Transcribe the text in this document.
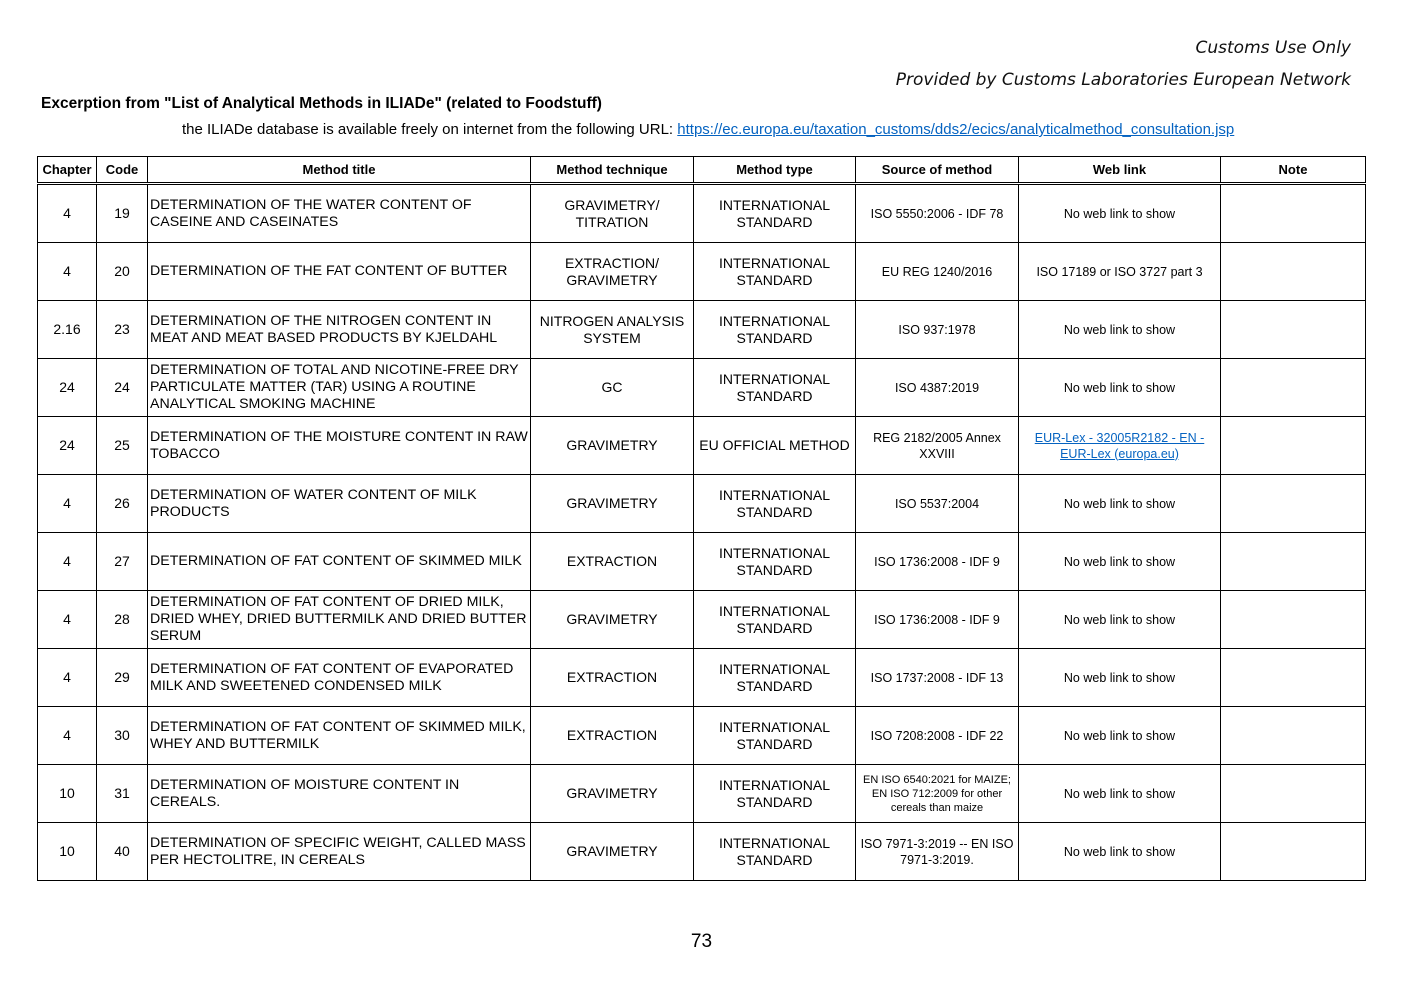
Customs Use Only
Provided by Customs Laboratories European Network
Excerption from "List of Analytical Methods in ILIADe" (related to Foodstuff)
the ILIADe database is available freely on internet from the following URL: https://ec.europa.eu/taxation_customs/dds2/ecics/analyticalmethod_consultation.jsp
Chapter	Code	Method title	Method technique	Method type	Source of method	Web link	Note
4	19	DETERMINATION OF THE WATER CONTENT OF CASEINE AND CASEINATES	GRAVIMETRY/ TITRATION	INTERNATIONAL STANDARD	ISO 5550:2006 - IDF 78	No web link to show	
4	20	DETERMINATION OF THE FAT CONTENT OF BUTTER	EXTRACTION/ GRAVIMETRY	INTERNATIONAL STANDARD	EU REG 1240/2016	ISO 17189 or ISO 3727 part 3	
2.16	23	DETERMINATION OF THE NITROGEN CONTENT IN MEAT AND MEAT BASED PRODUCTS BY KJELDAHL	NITROGEN ANALYSIS SYSTEM	INTERNATIONAL STANDARD	ISO 937:1978	No web link to show	
24	24	DETERMINATION OF TOTAL AND NICOTINE-FREE DRY PARTICULATE MATTER (TAR) USING A ROUTINE ANALYTICAL SMOKING MACHINE	GC	INTERNATIONAL STANDARD	ISO 4387:2019	No web link to show	
24	25	DETERMINATION OF THE MOISTURE CONTENT IN RAW TOBACCO	GRAVIMETRY	EU OFFICIAL METHOD	REG 2182/2005 Annex XXVIII	EUR-Lex - 32005R2182 - EN - EUR-Lex (europa.eu)	
4	26	DETERMINATION OF WATER CONTENT OF MILK PRODUCTS	GRAVIMETRY	INTERNATIONAL STANDARD	ISO 5537:2004	No web link to show	
4	27	DETERMINATION OF FAT CONTENT OF SKIMMED MILK	EXTRACTION	INTERNATIONAL STANDARD	ISO 1736:2008 - IDF 9	No web link to show	
4	28	DETERMINATION OF FAT CONTENT OF DRIED MILK, DRIED WHEY, DRIED BUTTERMILK AND DRIED BUTTER SERUM	GRAVIMETRY	INTERNATIONAL STANDARD	ISO 1736:2008 - IDF 9	No web link to show	
4	29	DETERMINATION OF FAT CONTENT OF EVAPORATED MILK AND SWEETENED CONDENSED MILK	EXTRACTION	INTERNATIONAL STANDARD	ISO 1737:2008 - IDF 13	No web link to show	
4	30	DETERMINATION OF FAT CONTENT OF SKIMMED MILK, WHEY AND BUTTERMILK	EXTRACTION	INTERNATIONAL STANDARD	ISO 7208:2008 - IDF 22	No web link to show	
10	31	DETERMINATION OF MOISTURE CONTENT IN CEREALS.	GRAVIMETRY	INTERNATIONAL STANDARD	EN ISO 6540:2021 for MAIZE; EN ISO 712:2009 for other cereals than maize	No web link to show	
10	40	DETERMINATION OF SPECIFIC WEIGHT, CALLED MASS PER HECTOLITRE, IN CEREALS	GRAVIMETRY	INTERNATIONAL STANDARD	ISO 7971-3:2019 -- EN ISO 7971-3:2019.	No web link to show	
73
